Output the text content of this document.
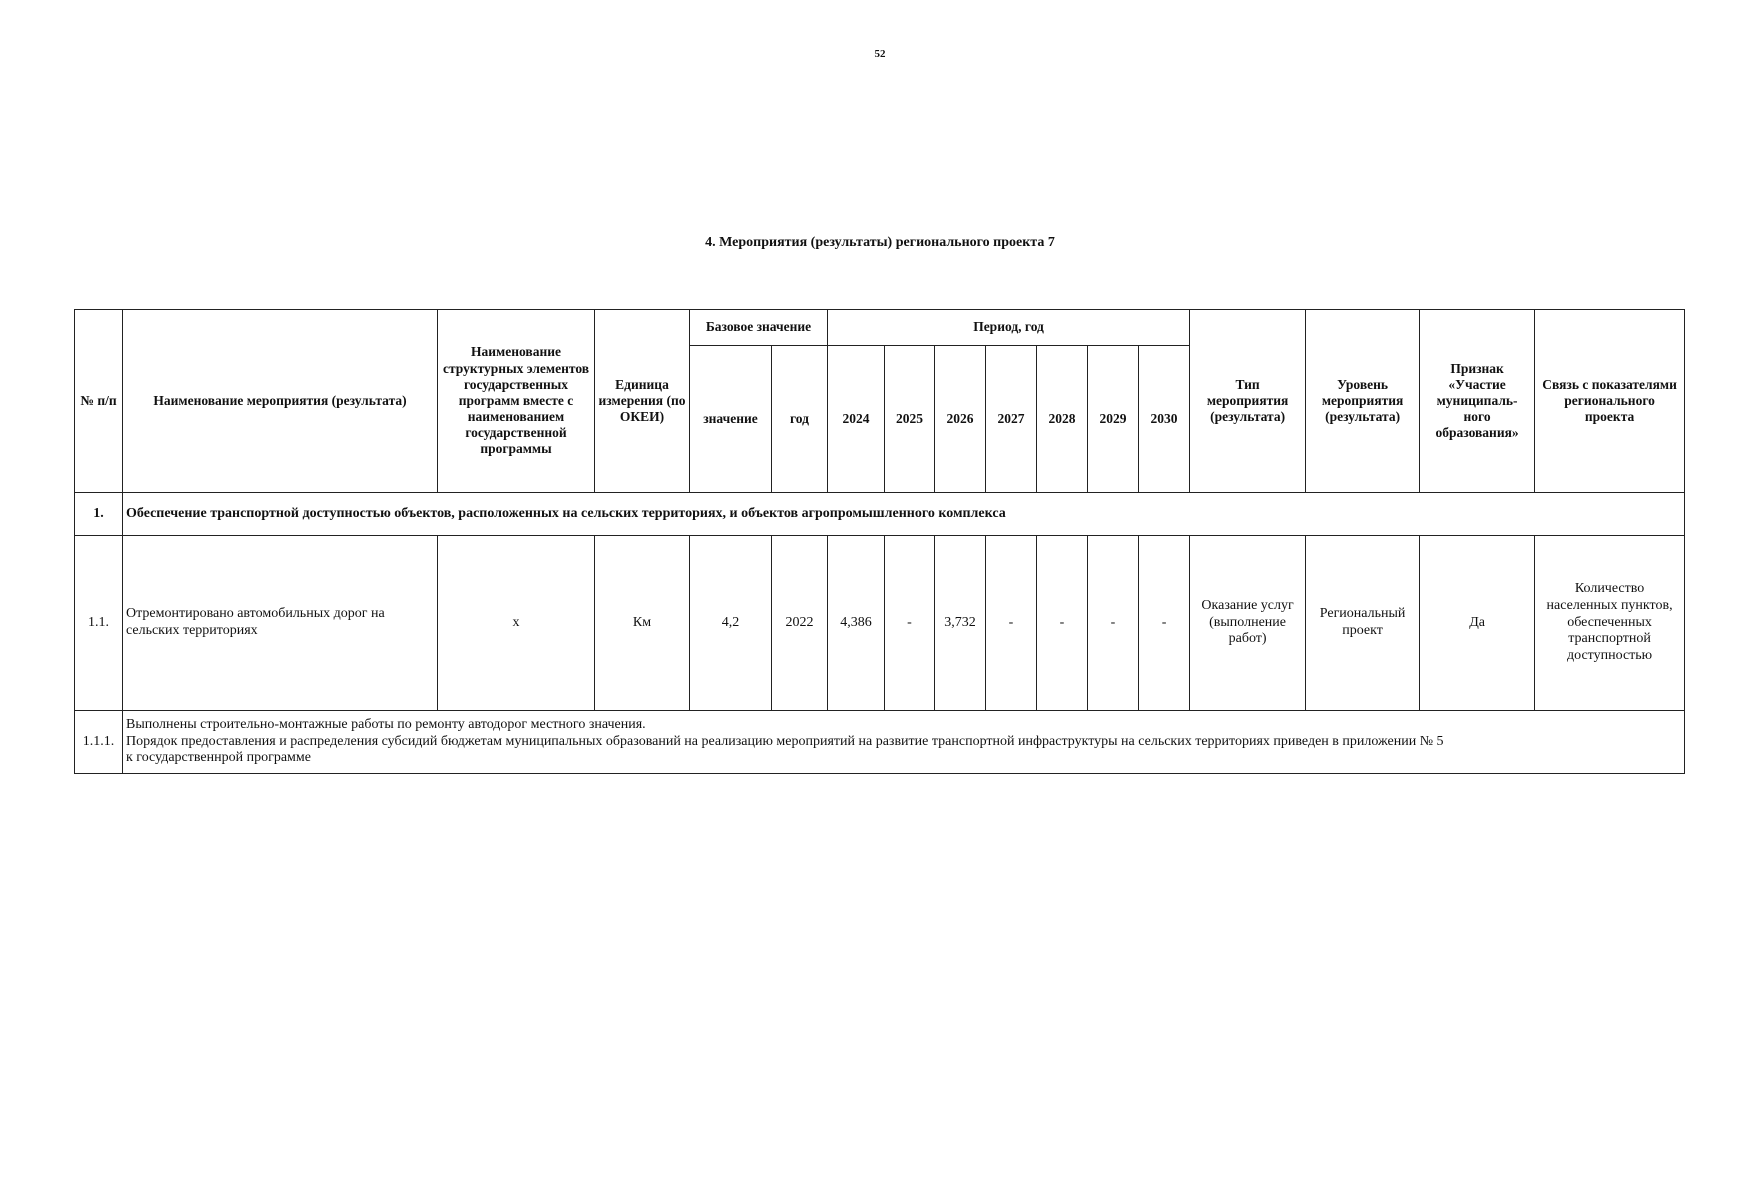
52
4. Мероприятия (результаты) регионального проекта 7
№ п/п	Наименование мероприятия (результата)	Наименование структурных элементов государственных программ вместе с наименованием государственной программы	Единица измерения (по ОКЕИ)	Базовое значение		Период, год							Тип мероприятия (результата)	Уровень мероприятия (результата)	Признак «Участие муниципаль- ного образования»	Связь с показателями регионального проекта
						2024	2025	2026	2027	2028	2029	2030				
				значение	год											
1.	Обеспечение транспортной доступностью объектов, расположенных на сельских территориях, и объектов агропромышленного комплекса															
1.1.	Отремонтировано автомобильных дорог на сельских территориях	х	Км	4,2	2022	4,386	-	3,732	-	-	-	-	Оказание услуг (выполнение работ)	Региональный проект	Да	Количество населенных пунктов, обеспеченных транспортной доступностью
1.1.1.	Выполнены строительно-монтажные работы по ремонту автодорог местного значения.
Порядок предоставления и распределения субсидий бюджетам муниципальных образований на реализацию мероприятий на развитие транспортной инфраструктуры на сельских территориях приведен в приложении № 5
к государственнрой программе															
